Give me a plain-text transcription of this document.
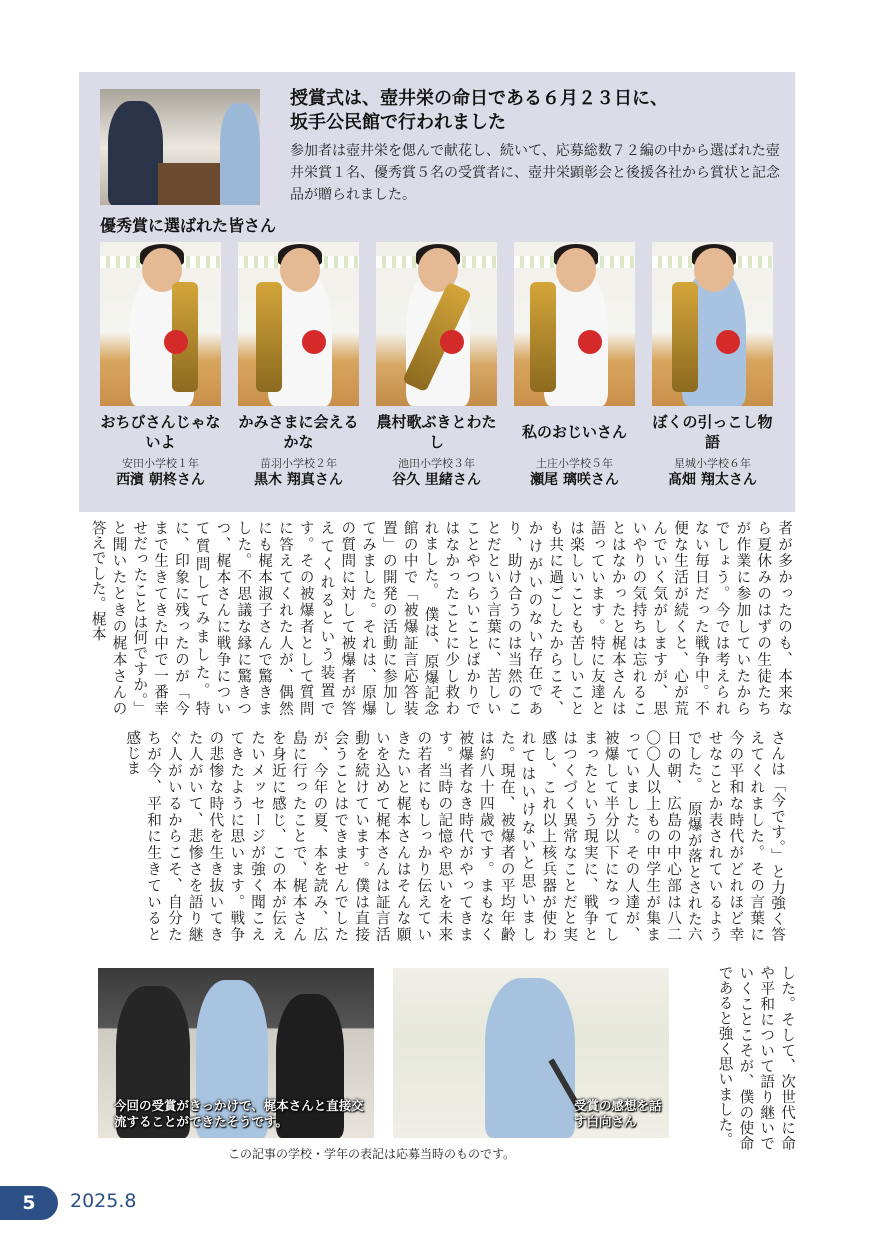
授賞式は、壺井栄の命日である６月２３日に、
坂手公民館で行われました

参加者は壺井栄を偲んで献花し、続いて、応募総数７２編の中から選ばれた壺井栄賞１名、優秀賞５名の受賞者に、壺井栄顕彰会と後援各社から賞状と記念品が贈られました。

優秀賞に選ばれた皆さん
おちびさんじゃないよ
安田小学校１年
西濱 朝柊さん
かみさまに会えるかな
苗羽小学校２年
黒木 翔真さん
農村歌ぶきとわたし
池田小学校３年
谷久 里緒さん
私のおじいさん
土庄小学校５年
瀬尾 璃咲さん
ぼくの引っこし物語
星城小学校６年
髙畑 翔太さん
者が多かったのも、本来なら夏休みのはずの生徒たちが作業に参加していたからでしょう。今では考えられない毎日だった戦争中。不便な生活が続くと、心が荒んでいく気がしますが、思いやりの気持ちは忘れることはなかったと梶本さんは語っています。特に友達とは楽しいことも苦しいことも共に過ごしたからこそ、かけがいのない存在であり、助け合うのは当然のことだという言葉に、苦しいことやつらいことばかりではなかったことに少し救われました。　僕は、原爆記念館の中で「被爆証言応答装置」の開発の活動に参加してみました。それは、原爆の質問に対して被爆者が答えてくれるという装置です。その被爆者として質問に答えてくれた人が、偶然にも梶本淑子さんで驚きました。不思議な縁に驚きつつ、梶本さんに戦争について質問してみました。特に、印象に残ったのが「今まで生きてきた中で一番幸せだったことは何ですか。」と聞いたときの梶本さんの答えでした。梶本
さんは「今です。」と力強く答えてくれました。その言葉に今の平和な時代がどれほど幸せなことか表されているようでした。　原爆が落とされた六日の朝、広島の中心部は八二〇〇人以上もの中学生が集まっていました。その人達が、被爆して半分以下になってしまったという現実に、戦争とはつくづく異常なことだと実感し、これ以上核兵器が使われてはいけないと思いました。現在、被爆者の平均年齢は約八十四歳です。まもなく被爆者なき時代がやってきます。当時の記憶や思いを未来の若者にもしっかり伝えていきたいと梶本さんはそんな願いを込めて梶本さんは証言活動を続けています。僕は直接会うことはできませんでしたが、今年の夏、本を読み、広島に行ったことで、梶本さんを身近に感じ、この本が伝えたいメッセージが強く聞こえてきたように思います。戦争の悲惨な時代を生き抜いてきた人がいて、悲惨さを語り継ぐ人がいるからこそ、自分たちが今、平和に生きていると感じま
した。そして、次世代に命や平和について語り継いでいくことこそが、僕の使命であると強く思いました。
今回の受賞がきっかけで、梶本さんと直接交流することができたそうです。
受賞の感想を話す白向さん
この記事の学校・学年の表記は応募当時のものです。
5	2025.8
